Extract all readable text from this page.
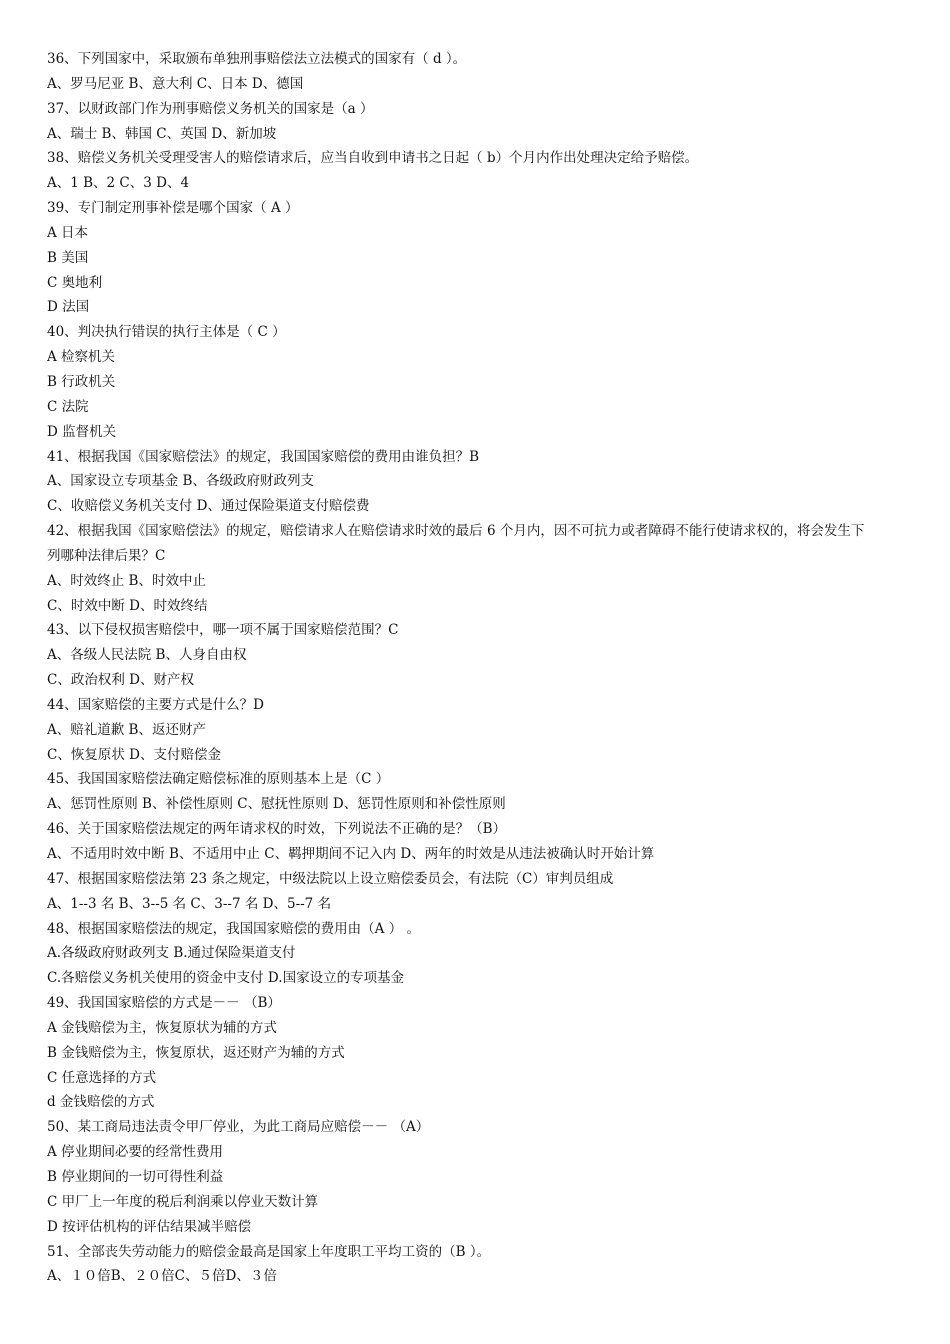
36、下列国家中，采取颁布单独刑事赔偿法立法模式的国家有（ d ）。
A、罗马尼亚 B、意大利 C、日本 D、德国
37、以财政部门作为刑事赔偿义务机关的国家是（a ）
A、瑞士 B、韩国 C、英国 D、新加坡
38、赔偿义务机关受理受害人的赔偿请求后，应当自收到申请书之日起（ b）个月内作出处理决定给予赔偿。
A、1 B、2 C、3 D、4
39、专门制定刑事补偿是哪个国家（ A ）
A 日本
B 美国
C 奥地利
D 法国
40、判决执行错误的执行主体是（ C ）
A 检察机关
B 行政机关
C 法院
D 监督机关
41、根据我国《国家赔偿法》的规定，我国国家赔偿的费用由谁负担？B
A、国家设立专项基金 B、各级政府财政列支
C、收赔偿义务机关支付 D、通过保险渠道支付赔偿费
42、根据我国《国家赔偿法》的规定，赔偿请求人在赔偿请求时效的最后 6 个月内，因不可抗力或者障碍不能行使请求权的，将会发生下
列哪种法律后果？C
A、时效终止 B、时效中止
C、时效中断 D、时效终结
43、以下侵权损害赔偿中，哪一项不属于国家赔偿范围？C
A、各级人民法院 B、人身自由权
C、政治权利 D、财产权
44、国家赔偿的主要方式是什么？D
A、赔礼道歉 B、返还财产
C、恢复原状 D、支付赔偿金
45、我国国家赔偿法确定赔偿标准的原则基本上是（C ）
A、惩罚性原则 B、补偿性原则 C、慰抚性原则 D、惩罚性原则和补偿性原则
46、关于国家赔偿法规定的两年请求权的时效，下列说法不正确的是？（B）
A、不适用时效中断 B、不适用中止 C、羁押期间不记入内 D、两年的时效是从违法被确认时开始计算
47、根据国家赔偿法第 23 条之规定，中级法院以上设立赔偿委员会，有法院（C）审判员组成
A、1--3 名 B、3--5 名 C、3--7 名 D、5--7 名
48、根据国家赔偿法的规定，我国国家赔偿的费用由（A ） 。
A.各级政府财政列支 B.通过保险渠道支付
C.各赔偿义务机关使用的资金中支付 D.国家设立的专项基金
49、我国国家赔偿的方式是－－ （B）
A 金钱赔偿为主，恢复原状为辅的方式
B 金钱赔偿为主，恢复原状，返还财产为辅的方式
C 任意选择的方式
d 金钱赔偿的方式
50、某工商局违法责令甲厂停业，为此工商局应赔偿－－ （A）
A 停业期间必要的经常性费用
B 停业期间的一切可得性利益
C 甲厂上一年度的税后利润乘以停业天数计算
D 按评估机构的评估结果减半赔偿
51、全部丧失劳动能力的赔偿金最高是国家上年度职工平均工资的（B ）。
A、１０倍B、２０倍C、５倍D、３倍
